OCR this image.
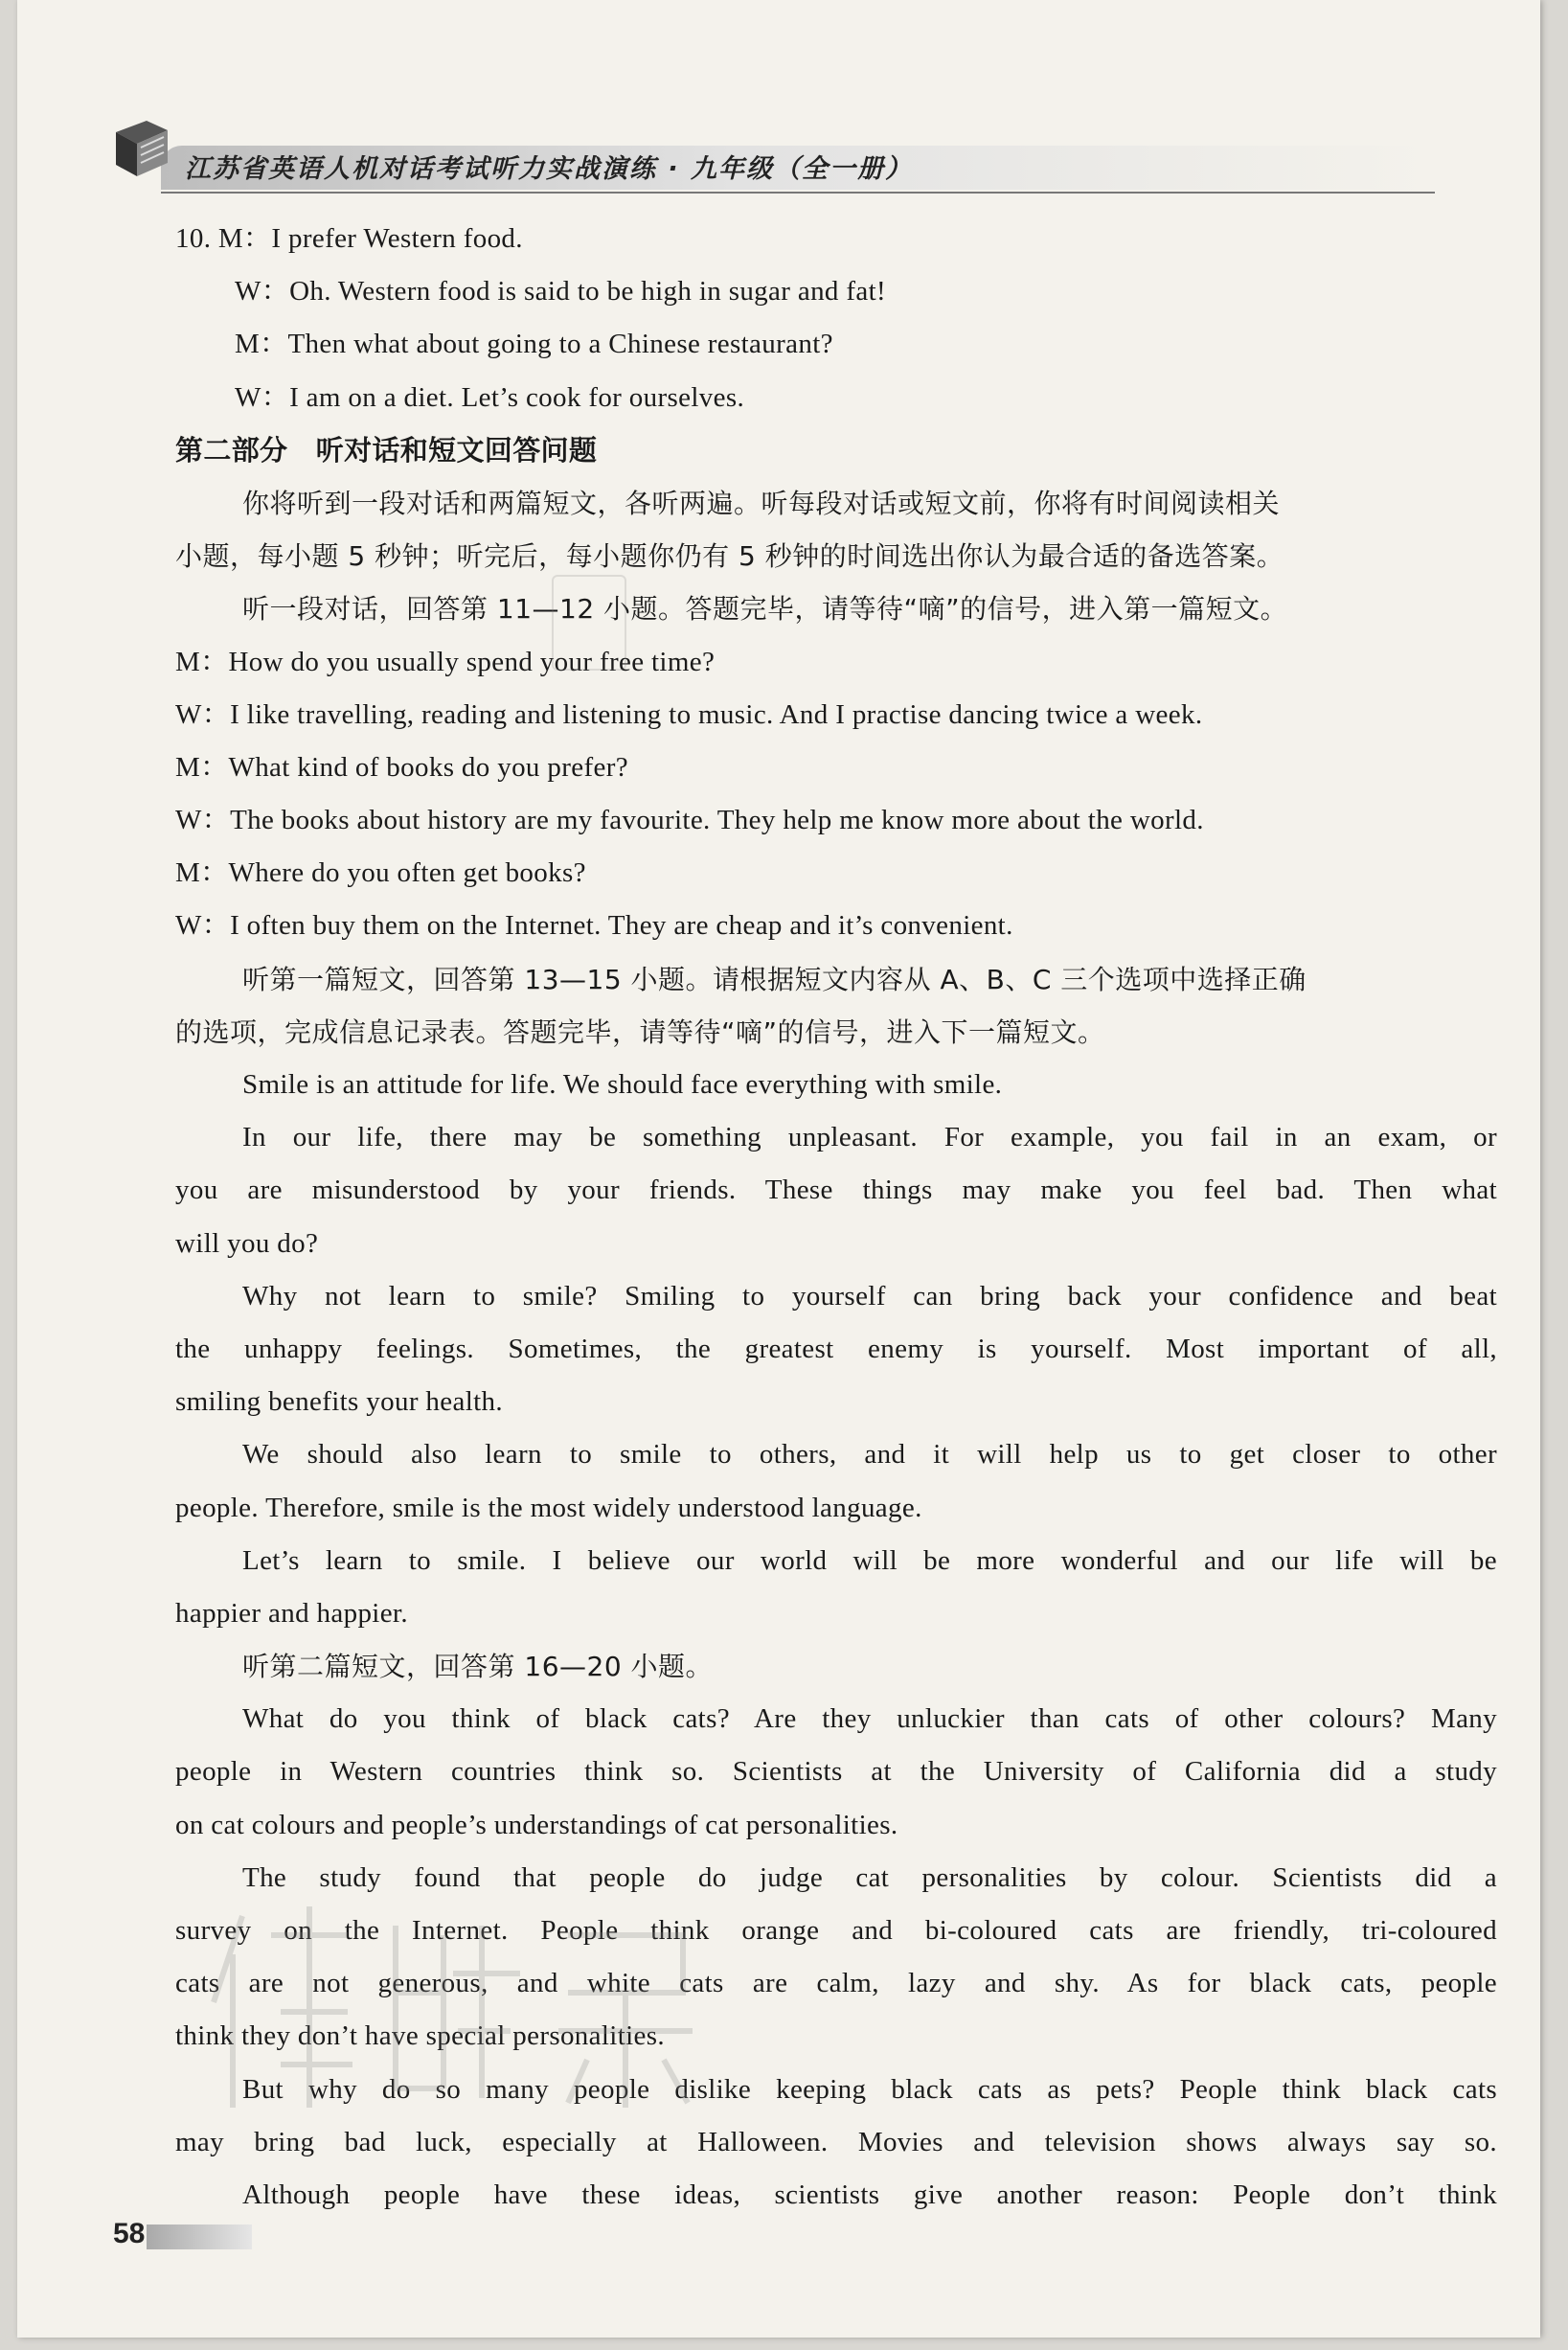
江苏省英语人机对话考试听力实战演练 · 九年级（全一册）
10. M：I prefer Western food.
W：Oh. Western food is said to be high in sugar and fat!
M：Then what about going to a Chinese restaurant?
W：I am on a diet. Let’s cook for ourselves.
第二部分　听对话和短文回答问题
你将听到一段对话和两篇短文，各听两遍。听每段对话或短文前，你将有时间阅读相关
小题，每小题 5 秒钟；听完后，每小题你仍有 5 秒钟的时间选出你认为最合适的备选答案。
听一段对话，回答第 11—12 小题。答题完毕，请等待“嘀”的信号，进入第一篇短文。
M：How do you usually spend your free time?
W：I like travelling, reading and listening to music. And I practise dancing twice a week.
M：What kind of books do you prefer?
W：The books about history are my favourite. They help me know more about the world.
M：Where do you often get books?
W：I often buy them on the Internet. They are cheap and it’s convenient.
听第一篇短文，回答第 13—15 小题。请根据短文内容从 A、B、C 三个选项中选择正确
的选项，完成信息记录表。答题完毕，请等待“嘀”的信号，进入下一篇短文。
Smile is an attitude for life. We should face everything with smile.
In our life, there may be something unpleasant. For example, you fail in an exam, or
you are misunderstood by your friends. These things may make you feel bad. Then what
will you do?
Why not learn to smile? Smiling to yourself can bring back your confidence and beat
the unhappy feelings. Sometimes, the greatest enemy is yourself. Most important of all,
smiling benefits your health.
We should also learn to smile to others, and it will help us to get closer to other
people. Therefore, smile is the most widely understood language.
Let’s learn to smile. I believe our world will be more wonderful and our life will be
happier and happier.
听第二篇短文，回答第 16—20 小题。
What do you think of black cats? Are they unluckier than cats of other colours? Many
people in Western countries think so. Scientists at the University of California did a study
on cat colours and people’s understandings of cat personalities.
The study found that people do judge cat personalities by colour. Scientists did a
survey on the Internet. People think orange and bi-coloured cats are friendly, tri-coloured
cats are not generous, and white cats are calm, lazy and shy. As for black cats, people
think they don’t have special personalities.
But why do so many people dislike keeping black cats as pets? People think black cats
may bring bad luck, especially at Halloween. Movies and television shows always say so.
Although people have these ideas, scientists give another reason: People don’t think
58
